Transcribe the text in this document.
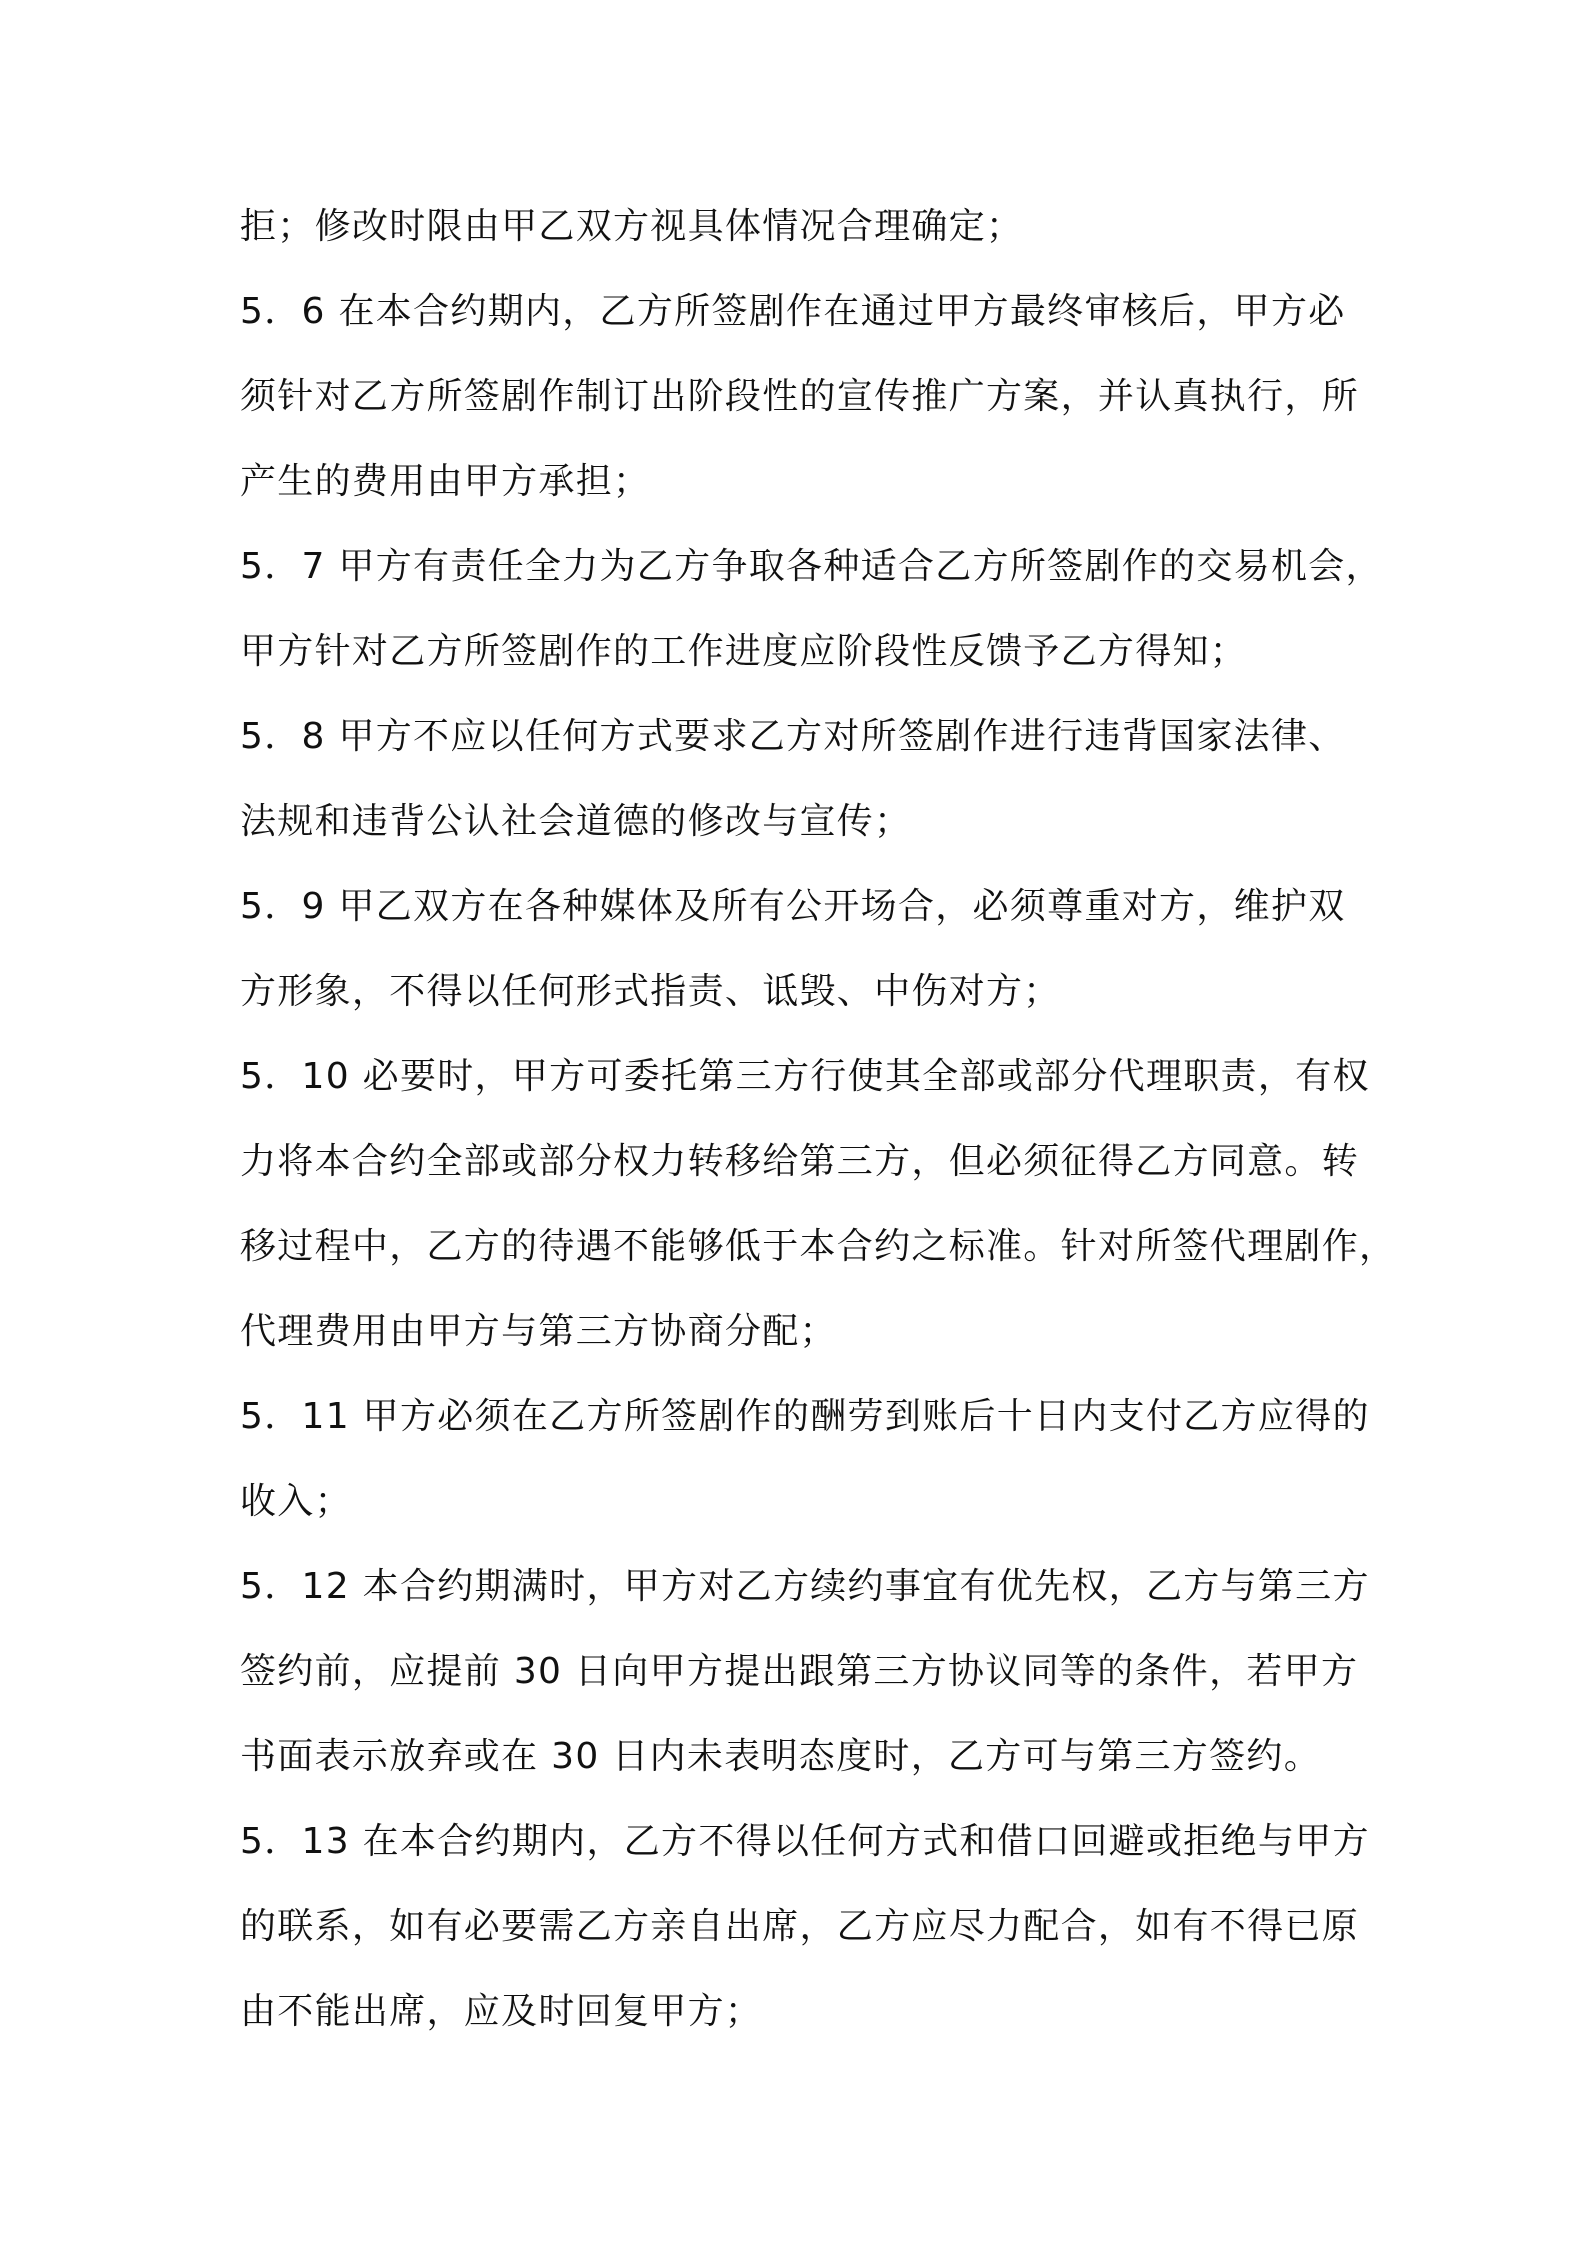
拒；修改时限由甲乙双方视具体情况合理确定；

5．6 在本合约期内，乙方所签剧作在通过甲方最终审核后，甲方必

须针对乙方所签剧作制订出阶段性的宣传推广方案，并认真执行，所

产生的费用由甲方承担；

5．7 甲方有责任全力为乙方争取各种适合乙方所签剧作的交易机会，

甲方针对乙方所签剧作的工作进度应阶段性反馈予乙方得知；

5．8 甲方不应以任何方式要求乙方对所签剧作进行违背国家法律、

法规和违背公认社会道德的修改与宣传；

5．9 甲乙双方在各种媒体及所有公开场合，必须尊重对方，维护双

方形象，不得以任何形式指责、诋毁、中伤对方；

5．10 必要时，甲方可委托第三方行使其全部或部分代理职责，有权

力将本合约全部或部分权力转移给第三方，但必须征得乙方同意。转

移过程中，乙方的待遇不能够低于本合约之标准。针对所签代理剧作，

代理费用由甲方与第三方协商分配；

5．11 甲方必须在乙方所签剧作的酬劳到账后十日内支付乙方应得的

收入；

5．12 本合约期满时，甲方对乙方续约事宜有优先权，乙方与第三方

签约前，应提前 30 日向甲方提出跟第三方协议同等的条件，若甲方

书面表示放弃或在 30 日内未表明态度时，乙方可与第三方签约。

5．13 在本合约期内，乙方不得以任何方式和借口回避或拒绝与甲方

的联系，如有必要需乙方亲自出席，乙方应尽力配合，如有不得已原

由不能出席，应及时回复甲方；
